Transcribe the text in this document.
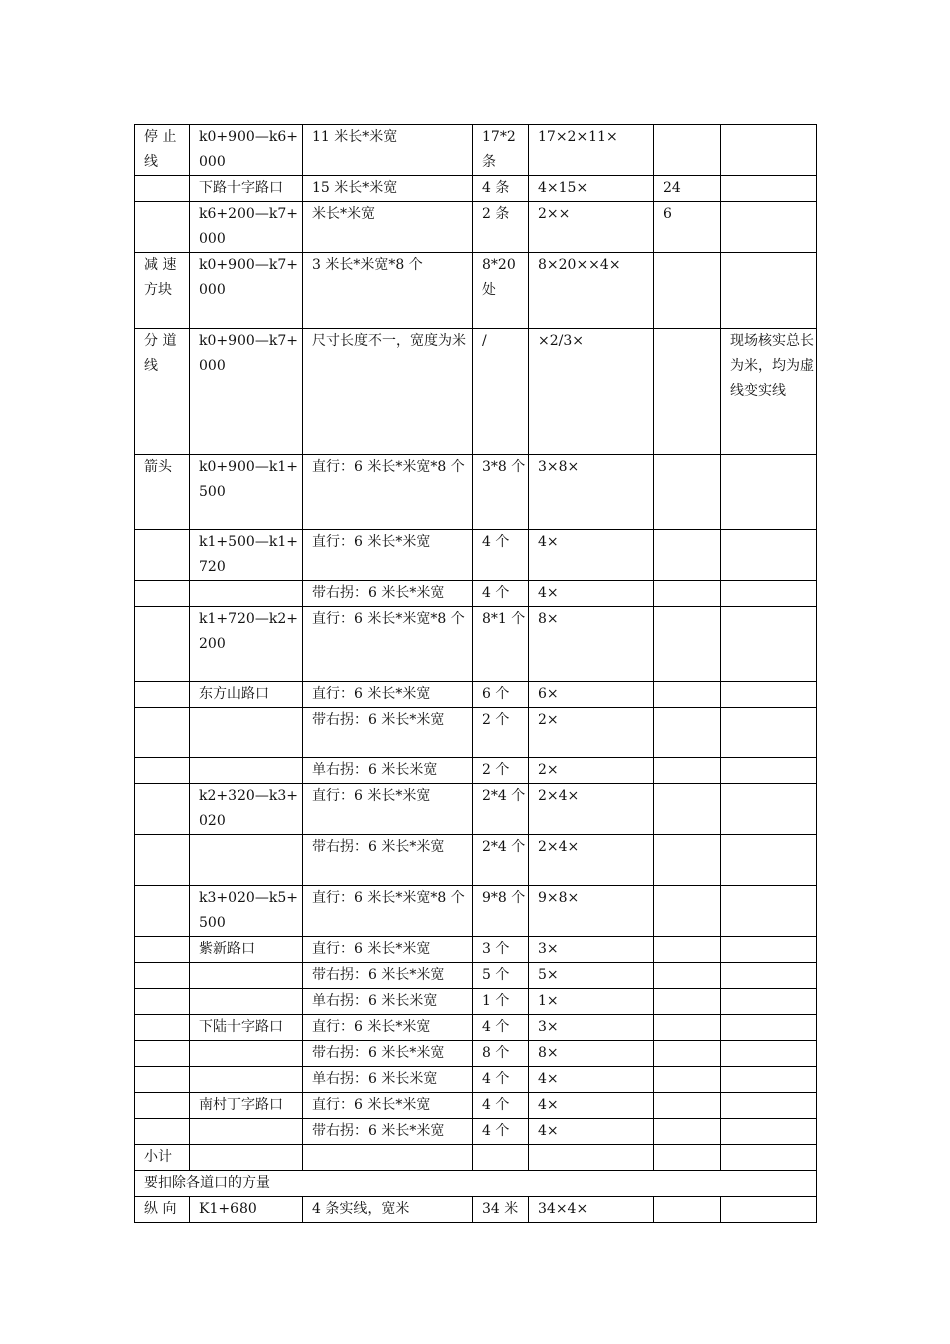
停 止 线	k0+900—k6+000	11 米长*米宽	17*2 条	17×2×11×		
	下路十字路口	15 米长*米宽	4 条	4×15×	24	
	k6+200—k7+000	米长*米宽	2 条	2××	6	
减 速 方块	k0+900—k7+000	3 米长*米宽*8 个	8*20 处	8×20××4×		
分 道 线	k0+900—k7+000	尺寸长度不一，宽度为米	/	×2/3×		现场核实总长为米，均为虚线变实线
箭头	k0+900—k1+500	直行：6 米长*米宽*8 个	3*8 个	3×8×		
	k1+500—k1+720	直行：6 米长*米宽	4 个	4×		
		带右拐：6 米长*米宽	4 个	4×		
	k1+720—k2+200	直行：6 米长*米宽*8 个	8*1 个	8×		
	东方山路口	直行：6 米长*米宽	6 个	6×		
		带右拐：6 米长*米宽	2 个	2×		
		单右拐：6 米长米宽	2 个	2×		
	k2+320—k3+020	直行：6 米长*米宽	2*4 个	2×4×		
		带右拐：6 米长*米宽	2*4 个	2×4×		
	k3+020—k5+500	直行：6 米长*米宽*8 个	9*8 个	9×8×		
	紫新路口	直行：6 米长*米宽	3 个	3×		
		带右拐：6 米长*米宽	5 个	5×		
		单右拐：6 米长米宽	1 个	1×		
	下陆十字路口	直行：6 米长*米宽	4 个	3×		
		带右拐：6 米长*米宽	8 个	8×		
		单右拐：6 米长米宽	4 个	4×		
	南村丁字路口	直行：6 米长*米宽	4 个	4×		
		带右拐：6 米长*米宽	4 个	4×		
小计						
要扣除各道口的方量						
纵 向	K1+680	4 条实线，宽米	34 米	34×4×		
